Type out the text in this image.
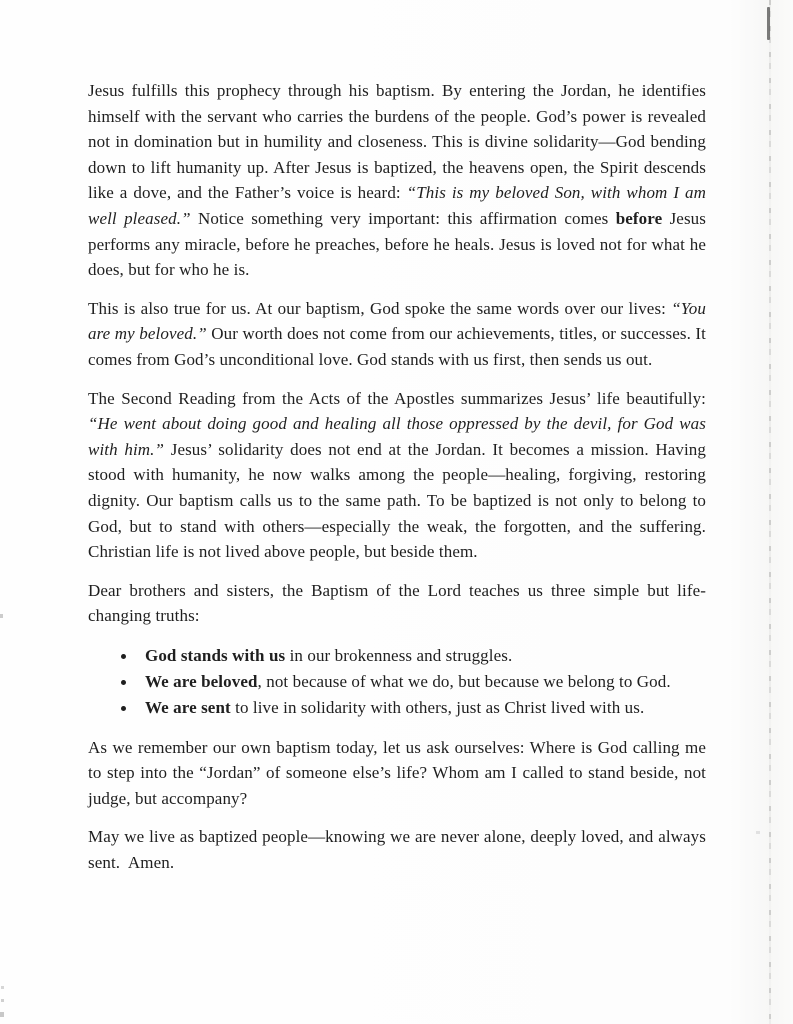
Jesus fulfills this prophecy through his baptism. By entering the Jordan, he identifies himself with the servant who carries the burdens of the people. God’s power is revealed not in domination but in humility and closeness. This is divine solidarity—God bending down to lift humanity up. After Jesus is baptized, the heavens open, the Spirit descends like a dove, and the Father’s voice is heard: “This is my beloved Son, with whom I am well pleased.” Notice something very important: this affirmation comes before Jesus performs any miracle, before he preaches, before he heals. Jesus is loved not for what he does, but for who he is.

This is also true for us. At our baptism, God spoke the same words over our lives: “You are my beloved.” Our worth does not come from our achievements, titles, or successes. It comes from God’s unconditional love. God stands with us first, then sends us out.

The Second Reading from the Acts of the Apostles summarizes Jesus’ life beautifully: “He went about doing good and healing all those oppressed by the devil, for God was with him.” Jesus’ solidarity does not end at the Jordan. It becomes a mission. Having stood with humanity, he now walks among the people—healing, forgiving, restoring dignity. Our baptism calls us to the same path. To be baptized is not only to belong to God, but to stand with others—especially the weak, the forgotten, and the suffering. Christian life is not lived above people, but beside them.

Dear brothers and sisters, the Baptism of the Lord teaches us three simple but life-changing truths:

God stands with us in our brokenness and struggles.
We are beloved, not because of what we do, but because we belong to God.
We are sent to live in solidarity with others, just as Christ lived with us.

As we remember our own baptism today, let us ask ourselves: Where is God calling me to step into the “Jordan” of someone else’s life? Whom am I called to stand beside, not judge, but accompany?

May we live as baptized people—knowing we are never alone, deeply loved, and always sent.  Amen.
